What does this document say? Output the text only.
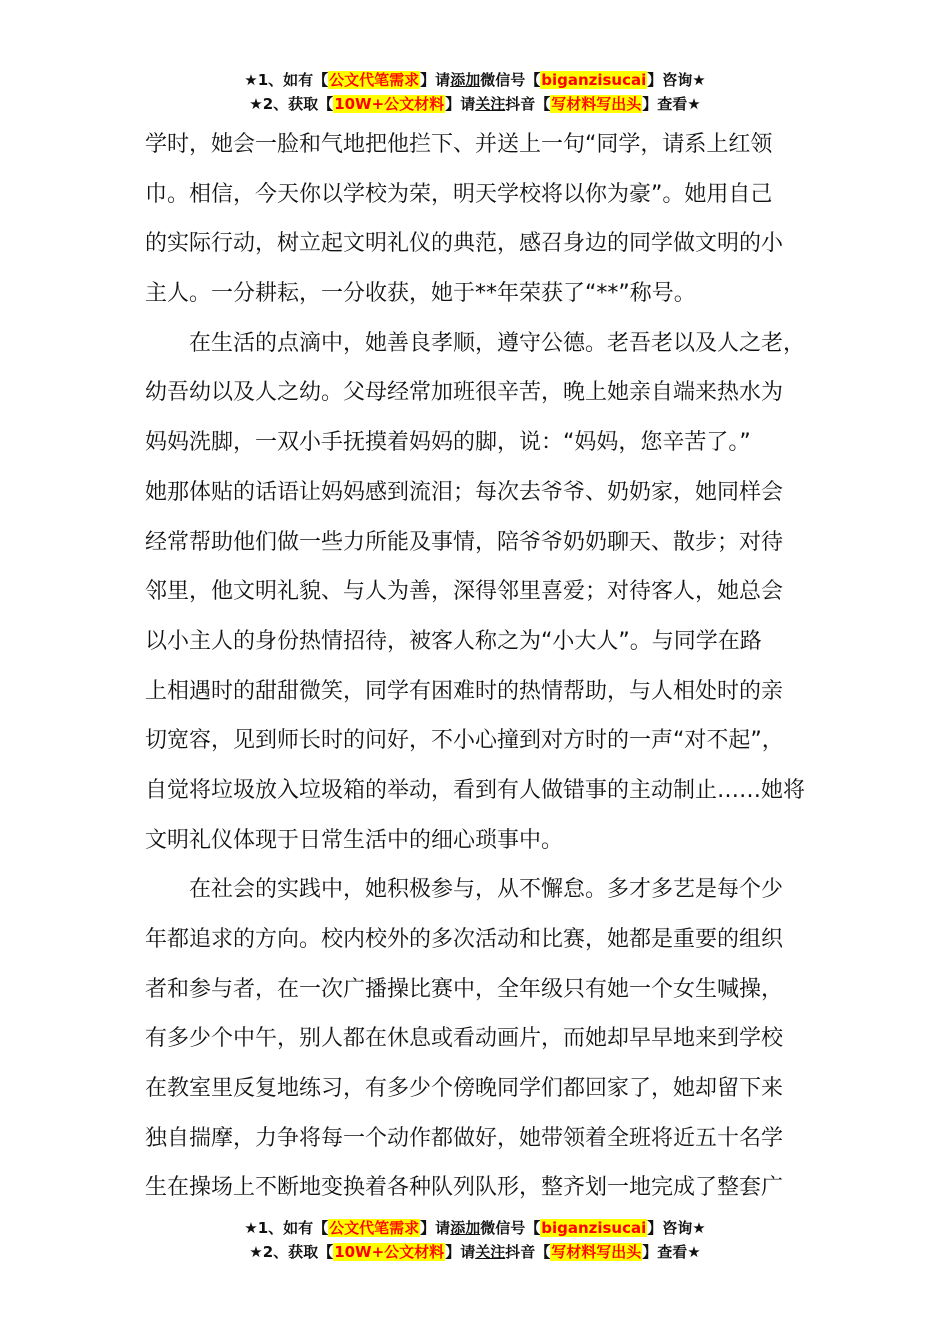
★1、如有【公文代笔需求】请添加微信号【biganzisucai】咨询★
★2、获取【10W+公文材料】请关注抖音【写材料写出头】查看★
学时，她会一脸和气地把他拦下、并送上一句“同学，请系上红领
巾。相信，今天你以学校为荣，明天学校将以你为豪”。她用自己
的实际行动，树立起文明礼仪的典范，感召身边的同学做文明的小
主人。一分耕耘，一分收获，她于**年荣获了“**”称号。
　　在生活的点滴中，她善良孝顺，遵守公德。老吾老以及人之老，
幼吾幼以及人之幼。父母经常加班很辛苦，晚上她亲自端来热水为
妈妈洗脚，一双小手抚摸着妈妈的脚，说：“妈妈，您辛苦了。”
她那体贴的话语让妈妈感到流泪；每次去爷爷、奶奶家，她同样会
经常帮助他们做一些力所能及事情，陪爷爷奶奶聊天、散步；对待
邻里，他文明礼貌、与人为善，深得邻里喜爱；对待客人，她总会
以小主人的身份热情招待，被客人称之为“小大人”。与同学在路
上相遇时的甜甜微笑，同学有困难时的热情帮助，与人相处时的亲
切宽容，见到师长时的问好，不小心撞到对方时的一声“对不起”，
自觉将垃圾放入垃圾箱的举动，看到有人做错事的主动制止……她将
文明礼仪体现于日常生活中的细心琐事中。
　　在社会的实践中，她积极参与，从不懈怠。多才多艺是每个少
年都追求的方向。校内校外的多次活动和比赛，她都是重要的组织
者和参与者，在一次广播操比赛中，全年级只有她一个女生喊操，
有多少个中午，别人都在休息或看动画片，而她却早早地来到学校
在教室里反复地练习，有多少个傍晚同学们都回家了，她却留下来
独自揣摩，力争将每一个动作都做好，她带领着全班将近五十名学
生在操场上不断地变换着各种队列队形，整齐划一地完成了整套广
★1、如有【公文代笔需求】请添加微信号【biganzisucai】咨询★
★2、获取【10W+公文材料】请关注抖音【写材料写出头】查看★
